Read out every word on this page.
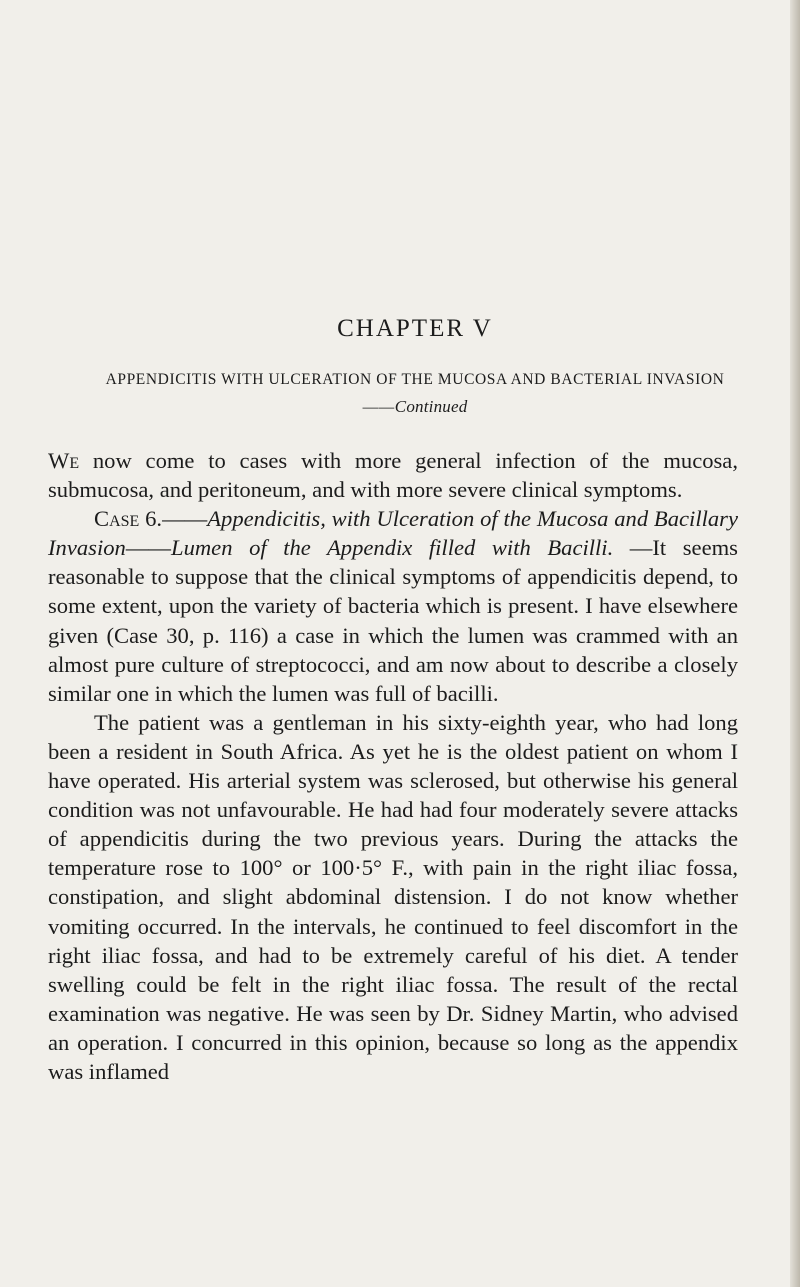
CHAPTER V
APPENDICITIS WITH ULCERATION OF THE MUCOSA AND BACTERIAL INVASION——Continued

We now come to cases with more general infection of the mucosa, submucosa, and peritoneum, and with more severe clinical symptoms.

Case 6.——Appendicitis, with Ulceration of the Mucosa and Bacillary Invasion——Lumen of the Appendix filled with Bacilli. —It seems reasonable to suppose that the clinical symptoms of appendicitis depend, to some extent, upon the variety of bacteria which is present. I have elsewhere given (Case 30, p. 116) a case in which the lumen was crammed with an almost pure culture of streptococci, and am now about to describe a closely similar one in which the lumen was full of bacilli.

The patient was a gentleman in his sixty-eighth year, who had long been a resident in South Africa. As yet he is the oldest patient on whom I have operated. His arterial system was sclerosed, but otherwise his general condition was not unfavourable. He had had four moderately severe attacks of appendicitis during the two previous years. During the attacks the temperature rose to 100° or 100·5° F., with pain in the right iliac fossa, constipation, and slight abdominal distension. I do not know whether vomiting occurred. In the intervals, he continued to feel discomfort in the right iliac fossa, and had to be extremely careful of his diet. A tender swelling could be felt in the right iliac fossa. The result of the rectal examination was negative. He was seen by Dr. Sidney Martin, who advised an operation. I concurred in this opinion, because so long as the appendix was inflamed
